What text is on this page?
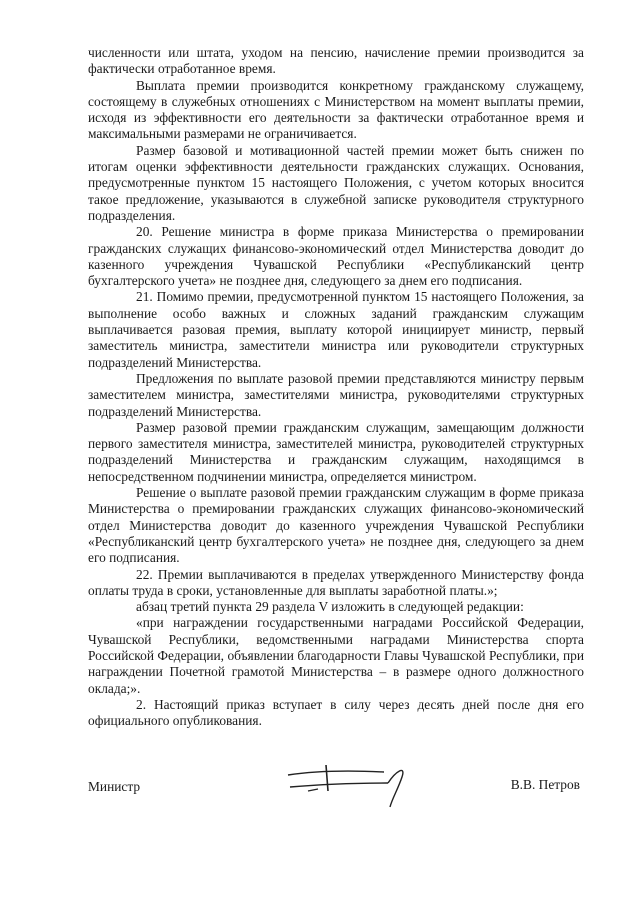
численности или штата, уходом на пенсию, начисление премии производится за фактически отработанное время.

Выплата премии производится конкретному гражданскому служащему, состоящему в служебных отношениях с Министерством на момент выплаты премии, исходя из эффективности его деятельности за фактически отработанное время и максимальными размерами не ограничивается.

Размер базовой и мотивационной частей премии может быть снижен по итогам оценки эффективности деятельности гражданских служащих. Основания, предусмотренные пунктом 15 настоящего Положения, с учетом которых вносится такое предложение, указываются в служебной записке руководителя структурного подразделения.

20. Решение министра в форме приказа Министерства о премировании гражданских служащих финансово-экономический отдел Министерства доводит до казенного учреждения Чувашской Республики «Республиканский центр бухгалтерского учета» не позднее дня, следующего за днем его подписания.

21. Помимо премии, предусмотренной пунктом 15 настоящего Положения, за выполнение особо важных и сложных заданий гражданским служащим выплачивается разовая премия, выплату которой инициирует министр, первый заместитель министра, заместители министра или руководители структурных подразделений Министерства.

Предложения по выплате разовой премии представляются министру первым заместителем министра, заместителями министра, руководителями структурных подразделений Министерства.

Размер разовой премии гражданским служащим, замещающим должности первого заместителя министра, заместителей министра, руководителей структурных подразделений Министерства и гражданским служащим, находящимся в непосредственном подчинении министра, определяется министром.

Решение о выплате разовой премии гражданским служащим в форме приказа Министерства о премировании гражданских служащих финансово-экономический отдел Министерства доводит до казенного учреждения Чувашской Республики «Республиканский центр бухгалтерского учета» не позднее дня, следующего за днем его подписания.

22. Премии выплачиваются в пределах утвержденного Министерству фонда оплаты труда в сроки, установленные для выплаты заработной платы.»;

абзац третий пункта 29 раздела V изложить в следующей редакции:

«при награждении государственными наградами Российской Федерации, Чувашской Республики, ведомственными наградами Министерства спорта Российской Федерации, объявлении благодарности Главы Чувашской Республики, при награждении Почетной грамотой Министерства – в размере одного должностного оклада;».

2. Настоящий приказ вступает в силу через десять дней после дня его официального опубликования.

Министр	В.В. Петров
